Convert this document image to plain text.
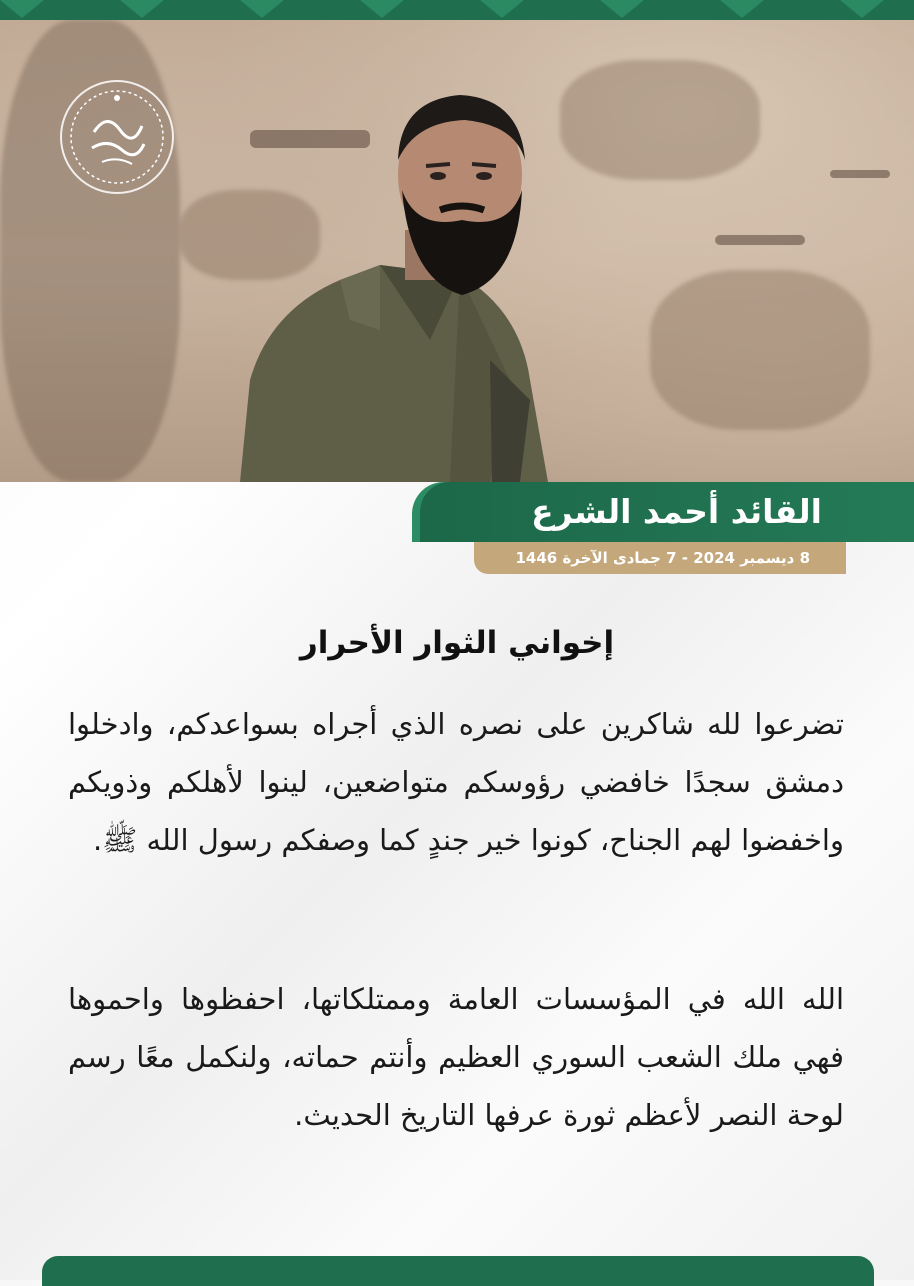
القائد أحمد الشرع
8 ديسمبر 2024 - 7 جمادى الآخرة 1446
إخواني الثوار الأحرار

تضرعوا لله شاكرين على نصره الذي أجراه بسواعدكم، وادخلوا دمشق سجدًا خافضي رؤوسكم متواضعين، لينوا لأهلكم وذويكم واخفضوا لهم الجناح، كونوا خير جندٍ كما وصفكم رسول الله ﷺ.

الله الله في المؤسسات العامة وممتلكاتها، احفظوها واحموها فهي ملك الشعب السوري العظيم وأنتم حماته، ولنكمل معًا رسم لوحة النصر لأعظم ثورة عرفها التاريخ الحديث.
